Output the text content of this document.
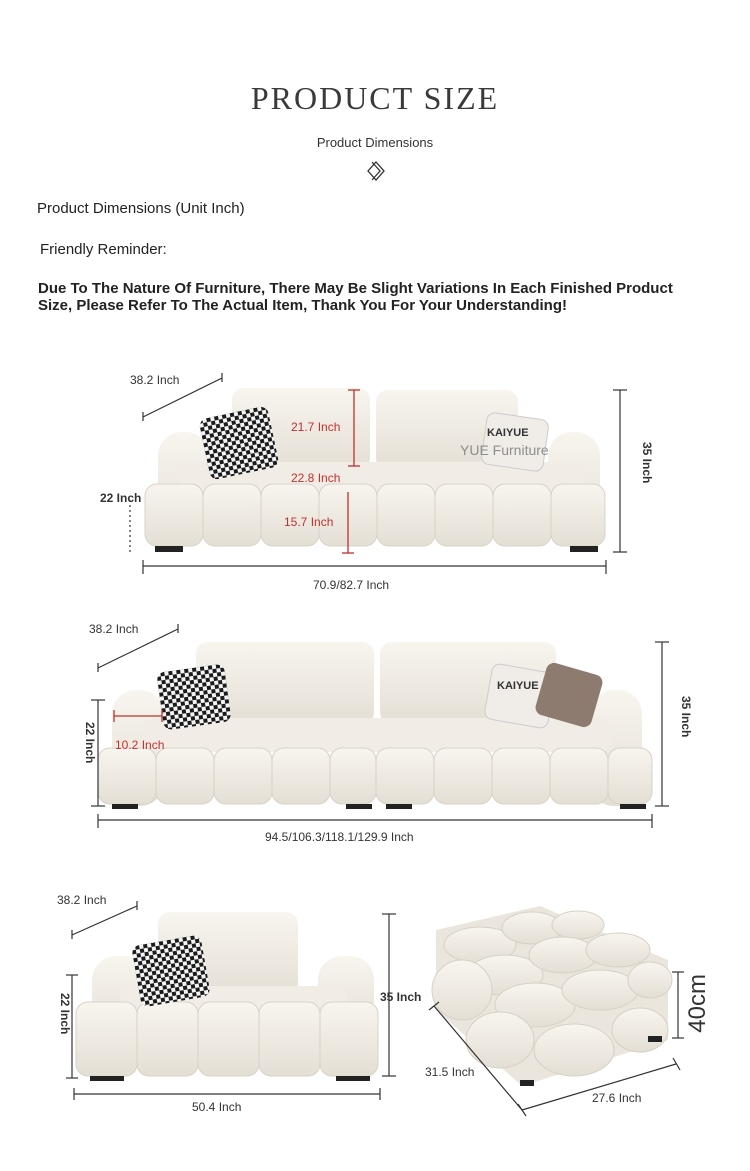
PRODUCT SIZE
Product Dimensions
Product Dimensions (Unit Inch)
Friendly Reminder:
Due To The Nature Of Furniture, There May Be Slight Variations In Each Finished Product Size, Please Refer To The Actual Item, Thank You For Your Understanding!
38.2 Inch
21.7 Inch
22.8 Inch
15.7 Inch
22 Inch
35 Inch
70.9/82.7 Inch
YUE Furniture
KAIYUE
38.2 Inch
22 Inch 10.2 Inch
35 Inch
94.5/106.3/118.1/129.9 Inch
KAIYUE
38.2 Inch
22 Inch	35 Inch
50.4 Inch
40cm
31.5 Inch
27.6 Inch
